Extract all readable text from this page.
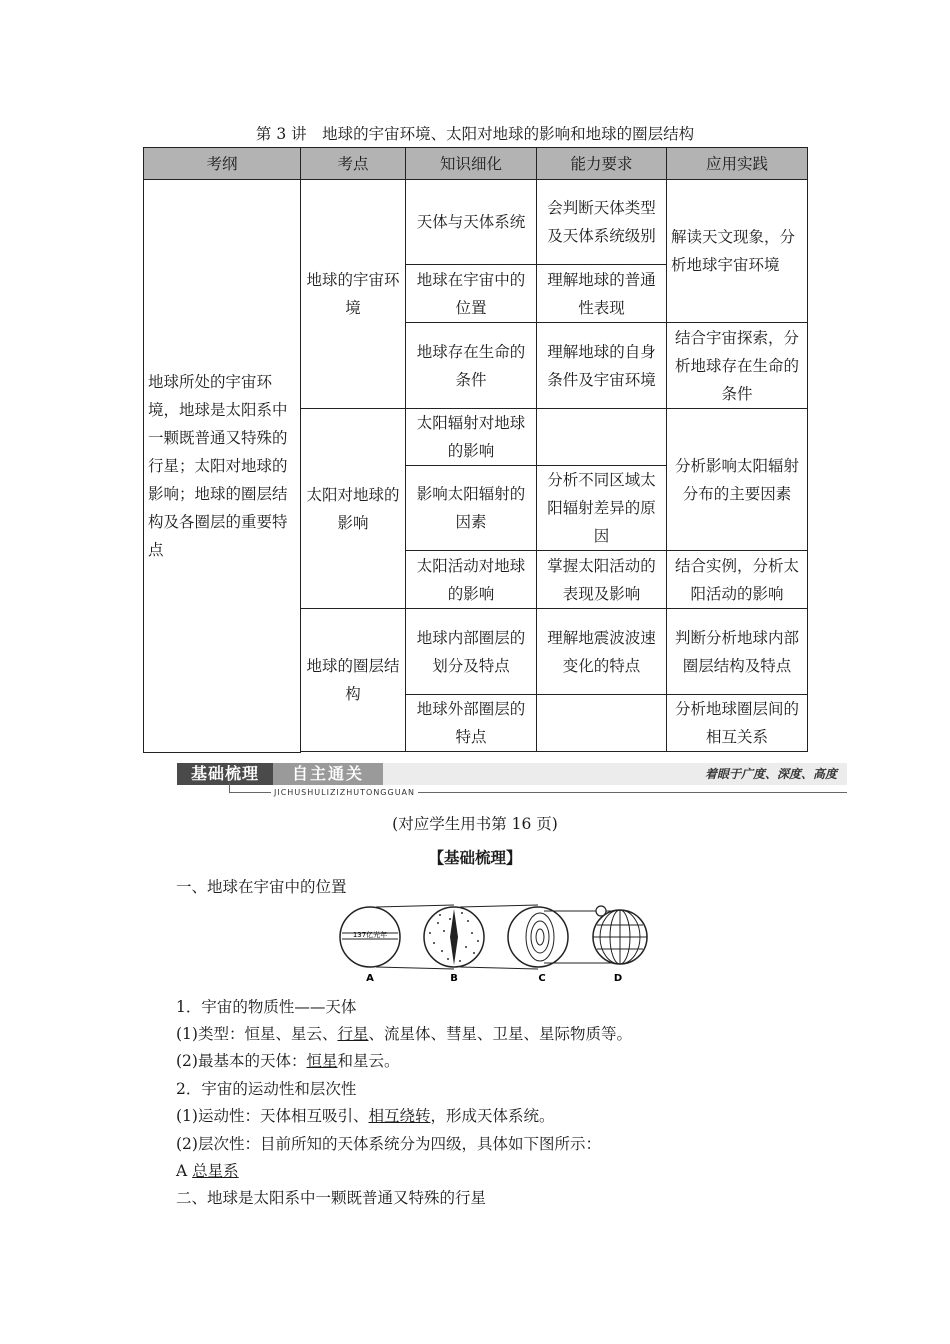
第 3 讲　地球的宇宙环境、太阳对地球的影响和地球的圈层结构
考纲	考点	知识细化	能力要求	应用实践
地球所处的宇宙环境，地球是太阳系中一颗既普通又特殊的行星；太阳对地球的影响；地球的圈层结构及各圈层的重要特点	地球的宇宙环境	天体与天体系统	会判断天体类型及天体系统级别	解读天文现象，分析地球宇宙环境
		地球在宇宙中的位置	理解地球的普通性表现	
		地球存在生命的条件	理解地球的自身条件及宇宙环境	结合宇宙探索，分析地球存在生命的条件
	太阳对地球的影响	太阳辐射对地球的影响		分析影响太阳辐射分布的主要因素
		影响太阳辐射的因素	分析不同区域太阳辐射差异的原因	
		太阳活动对地球的影响	掌握太阳活动的表现及影响	结合实例，分析太阳活动的影响
	地球的圈层结构	地球内部圈层的划分及特点	理解地震波波速变化的特点	判断分析地球内部圈层结构及特点
		地球外部圈层的特点		分析地球圈层间的相互关系

基础梳理	自主通关	着眼于广度、深度、高度
JICHUSHULIZIZHUTONGGUAN
(对应学生用书第 16 页)
【基础梳理】
一、地球在宇宙中的位置
137亿光年
A	B	C	D
1．宇宙的物质性——天体
(1)类型：恒星、星云、行星、流星体、彗星、卫星、星际物质等。
(2)最基本的天体：恒星和星云。
2．宇宙的运动性和层次性
(1)运动性：天体相互吸引、相互绕转，形成天体系统。
(2)层次性：目前所知的天体系统分为四级，具体如下图所示：
A 总星系
二、地球是太阳系中一颗既普通又特殊的行星
